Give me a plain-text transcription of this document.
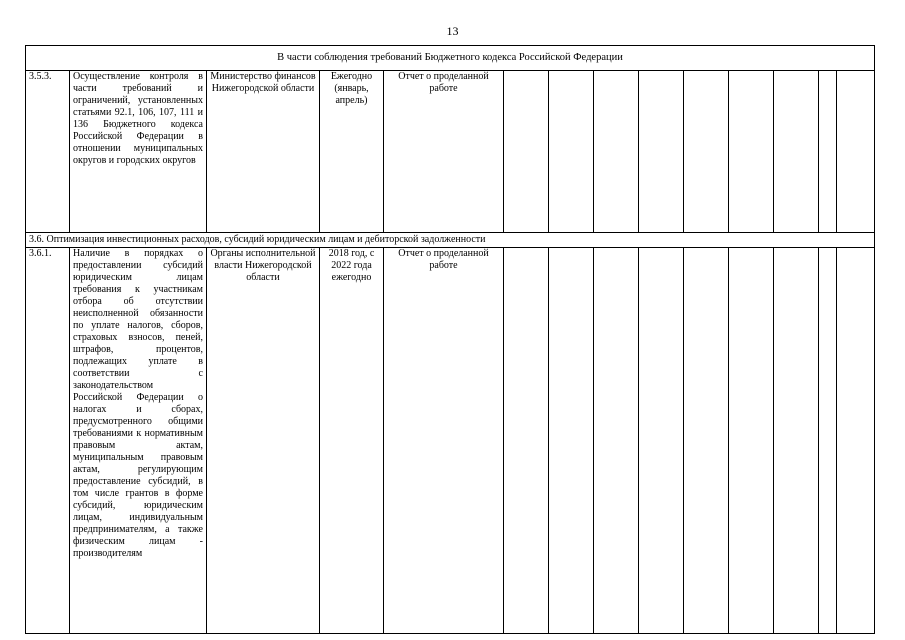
13
В части соблюдения требований Бюджетного кодекса Российской Федерации													
3.5.3.	Осуществление контроля в части требований и ограничений, установленных статьями 92.1, 106, 107, 111 и 136 Бюджетного кодекса Российской Федерации в отношении муниципальных округов и городских округов	Министерство финансов Нижегородской области	Ежегодно (январь, апрель)	Отчет о проделанной работе									
3.6. Оптимизация инвестиционных расходов, субсидий юридическим лицам и дебиторской задолженности													
3.6.1.	Наличие в порядках о предоставлении субсидий юридическим лицам требования к участникам отбора об отсутствии неисполненной обязанности по уплате налогов, сборов, страховых взносов, пеней, штрафов, процентов, подлежащих уплате в соответствии с законодательством Российской Федерации о налогах и сборах, предусмотренного общими требованиями к нормативным правовым актам, муниципальным правовым актам, регулирующим предоставление субсидий, в том числе грантов в форме субсидий, юридическим лицам, индивидуальным предпринимателям, а также физическим лицам - производителям	Органы исполнительной власти Нижегородской области	2018 год, с 2022 года ежегодно	Отчет о проделанной работе									
